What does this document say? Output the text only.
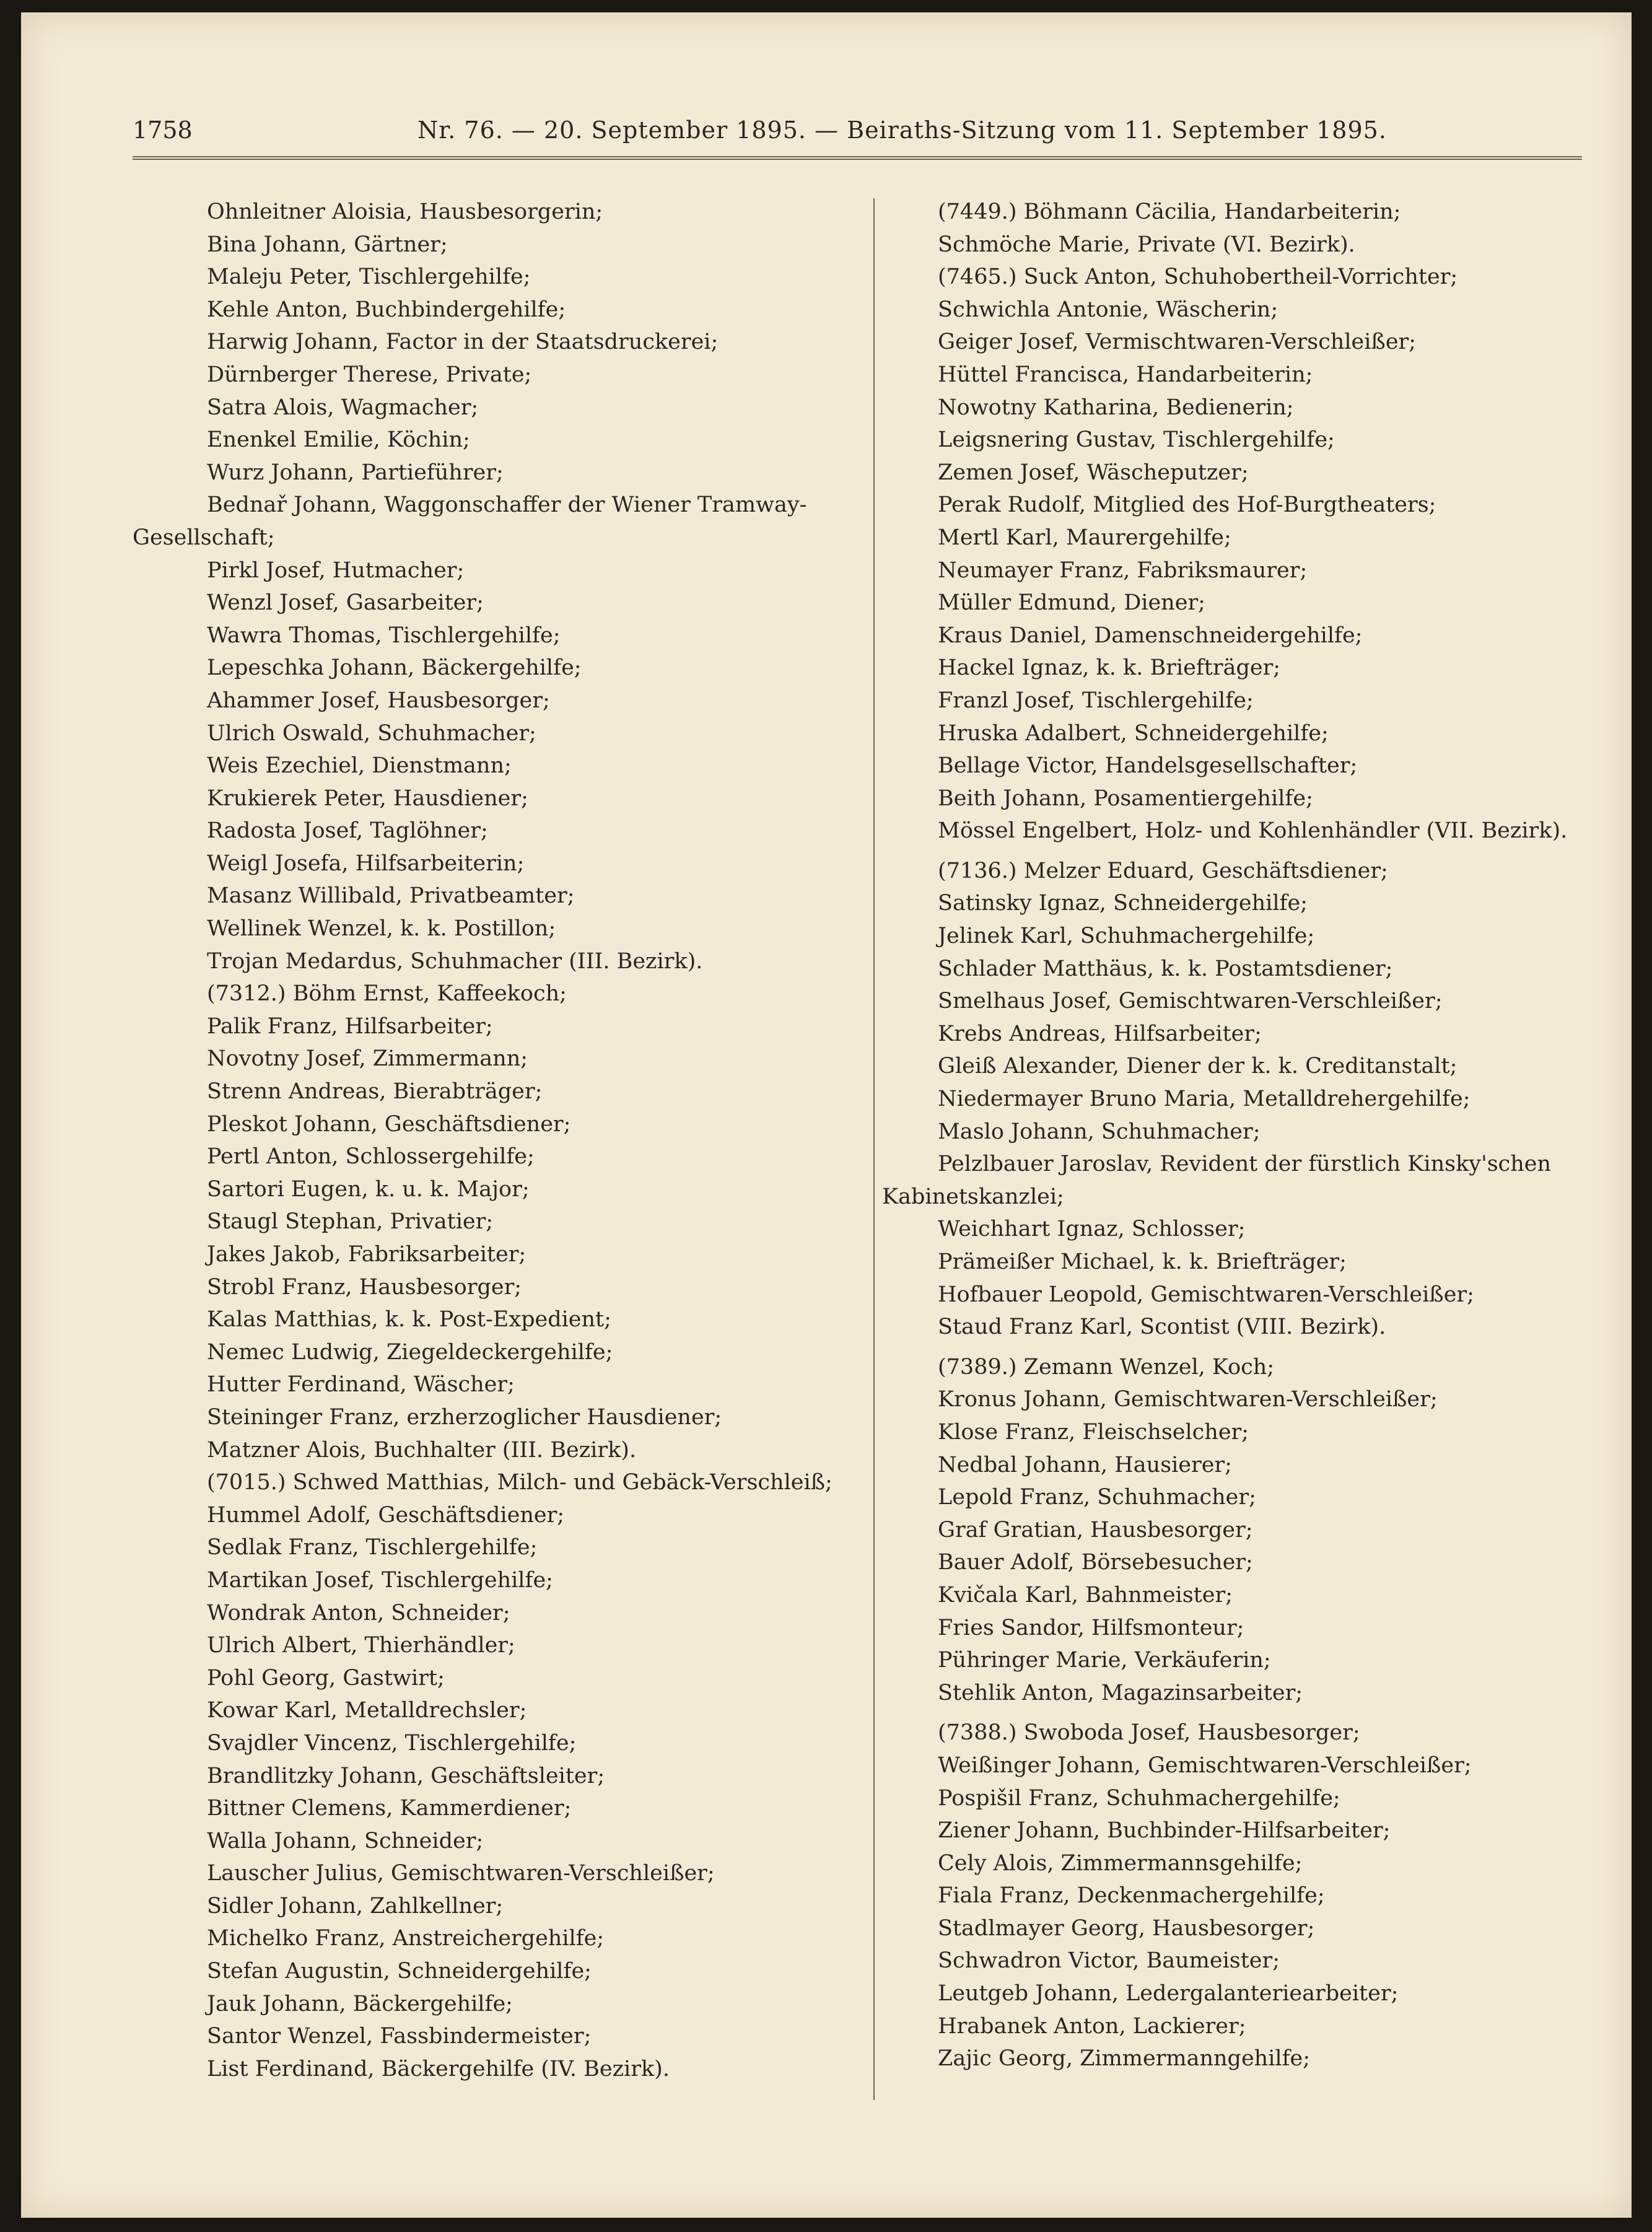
1758	Nr. 76. — 20. September 1895. — Beiraths-Sitzung vom 11. September 1895.
Ohnleitner Aloisia, Hausbesorgerin;
Bina Johann, Gärtner;
Maleju Peter, Tischlergehilfe;
Kehle Anton, Buchbindergehilfe;
Harwig Johann, Factor in der Staatsdruckerei;
Dürnberger Therese, Private;
Satra Alois, Wagmacher;
Enenkel Emilie, Köchin;
Wurz Johann, Partieführer;
Bednař Johann, Waggonschaffer der Wiener Tramway-
Gesellschaft;
Pirkl Josef, Hutmacher;
Wenzl Josef, Gasarbeiter;
Wawra Thomas, Tischlergehilfe;
Lepeschka Johann, Bäckergehilfe;
Ahammer Josef, Hausbesorger;
Ulrich Oswald, Schuhmacher;
Weis Ezechiel, Dienstmann;
Krukierek Peter, Hausdiener;
Radosta Josef, Taglöhner;
Weigl Josefa, Hilfsarbeiterin;
Masanz Willibald, Privatbeamter;
Wellinek Wenzel, k. k. Postillon;
Trojan Medardus, Schuhmacher (III. Bezirk).
(7312.) Böhm Ernst, Kaffeekoch;
Palik Franz, Hilfsarbeiter;
Novotny Josef, Zimmermann;
Strenn Andreas, Bierabträger;
Pleskot Johann, Geschäftsdiener;
Pertl Anton, Schlossergehilfe;
Sartori Eugen, k. u. k. Major;
Staugl Stephan, Privatier;
Jakes Jakob, Fabriksarbeiter;
Strobl Franz, Hausbesorger;
Kalas Matthias, k. k. Post-Expedient;
Nemec Ludwig, Ziegeldeckergehilfe;
Hutter Ferdinand, Wäscher;
Steininger Franz, erzherzoglicher Hausdiener;
Matzner Alois, Buchhalter (III. Bezirk).
(7015.) Schwed Matthias, Milch- und Gebäck-Verschleiß;
Hummel Adolf, Geschäftsdiener;
Sedlak Franz, Tischlergehilfe;
Martikan Josef, Tischlergehilfe;
Wondrak Anton, Schneider;
Ulrich Albert, Thierhändler;
Pohl Georg, Gastwirt;
Kowar Karl, Metalldrechsler;
Svajdler Vincenz, Tischlergehilfe;
Brandlitzky Johann, Geschäftsleiter;
Bittner Clemens, Kammerdiener;
Walla Johann, Schneider;
Lauscher Julius, Gemischtwaren-Verschleißer;
Sidler Johann, Zahlkellner;
Michelko Franz, Anstreichergehilfe;
Stefan Augustin, Schneidergehilfe;
Jauk Johann, Bäckergehilfe;
Santor Wenzel, Fassbindermeister;
List Ferdinand, Bäckergehilfe (IV. Bezirk).
(7449.) Böhmann Cäcilia, Handarbeiterin;
Schmöche Marie, Private (VI. Bezirk).
(7465.) Suck Anton, Schuhobertheil-Vorrichter;
Schwichla Antonie, Wäscherin;
Geiger Josef, Vermischtwaren-Verschleißer;
Hüttel Francisca, Handarbeiterin;
Nowotny Katharina, Bedienerin;
Leigsnering Gustav, Tischlergehilfe;
Zemen Josef, Wäscheputzer;
Perak Rudolf, Mitglied des Hof-Burgtheaters;
Mertl Karl, Maurergehilfe;
Neumayer Franz, Fabriksmaurer;
Müller Edmund, Diener;
Kraus Daniel, Damenschneidergehilfe;
Hackel Ignaz, k. k. Briefträger;
Franzl Josef, Tischlergehilfe;
Hruska Adalbert, Schneidergehilfe;
Bellage Victor, Handelsgesellschafter;
Beith Johann, Posamentiergehilfe;
Mössel Engelbert, Holz- und Kohlenhändler (VII. Bezirk).
(7136.) Melzer Eduard, Geschäftsdiener;
Satinsky Ignaz, Schneidergehilfe;
Jelinek Karl, Schuhmachergehilfe;
Schlader Matthäus, k. k. Postamtsdiener;
Smelhaus Josef, Gemischtwaren-Verschleißer;
Krebs Andreas, Hilfsarbeiter;
Gleiß Alexander, Diener der k. k. Creditanstalt;
Niedermayer Bruno Maria, Metalldrehergehilfe;
Maslo Johann, Schuhmacher;
Pelzlbauer Jaroslav, Revident der fürstlich Kinsky'schen
Kabinetskanzlei;
Weichhart Ignaz, Schlosser;
Prämeißer Michael, k. k. Briefträger;
Hofbauer Leopold, Gemischtwaren-Verschleißer;
Staud Franz Karl, Scontist (VIII. Bezirk).
(7389.) Zemann Wenzel, Koch;
Kronus Johann, Gemischtwaren-Verschleißer;
Klose Franz, Fleischselcher;
Nedbal Johann, Hausierer;
Lepold Franz, Schuhmacher;
Graf Gratian, Hausbesorger;
Bauer Adolf, Börsebesucher;
Kvičala Karl, Bahnmeister;
Fries Sandor, Hilfsmonteur;
Pühringer Marie, Verkäuferin;
Stehlik Anton, Magazinsarbeiter;
(7388.) Swoboda Josef, Hausbesorger;
Weißinger Johann, Gemischtwaren-Verschleißer;
Pospišil Franz, Schuhmachergehilfe;
Ziener Johann, Buchbinder-Hilfsarbeiter;
Cely Alois, Zimmermannsgehilfe;
Fiala Franz, Deckenmachergehilfe;
Stadlmayer Georg, Hausbesorger;
Schwadron Victor, Baumeister;
Leutgeb Johann, Ledergalanteriearbeiter;
Hrabanek Anton, Lackierer;
Zajic Georg, Zimmermanngehilfe;
